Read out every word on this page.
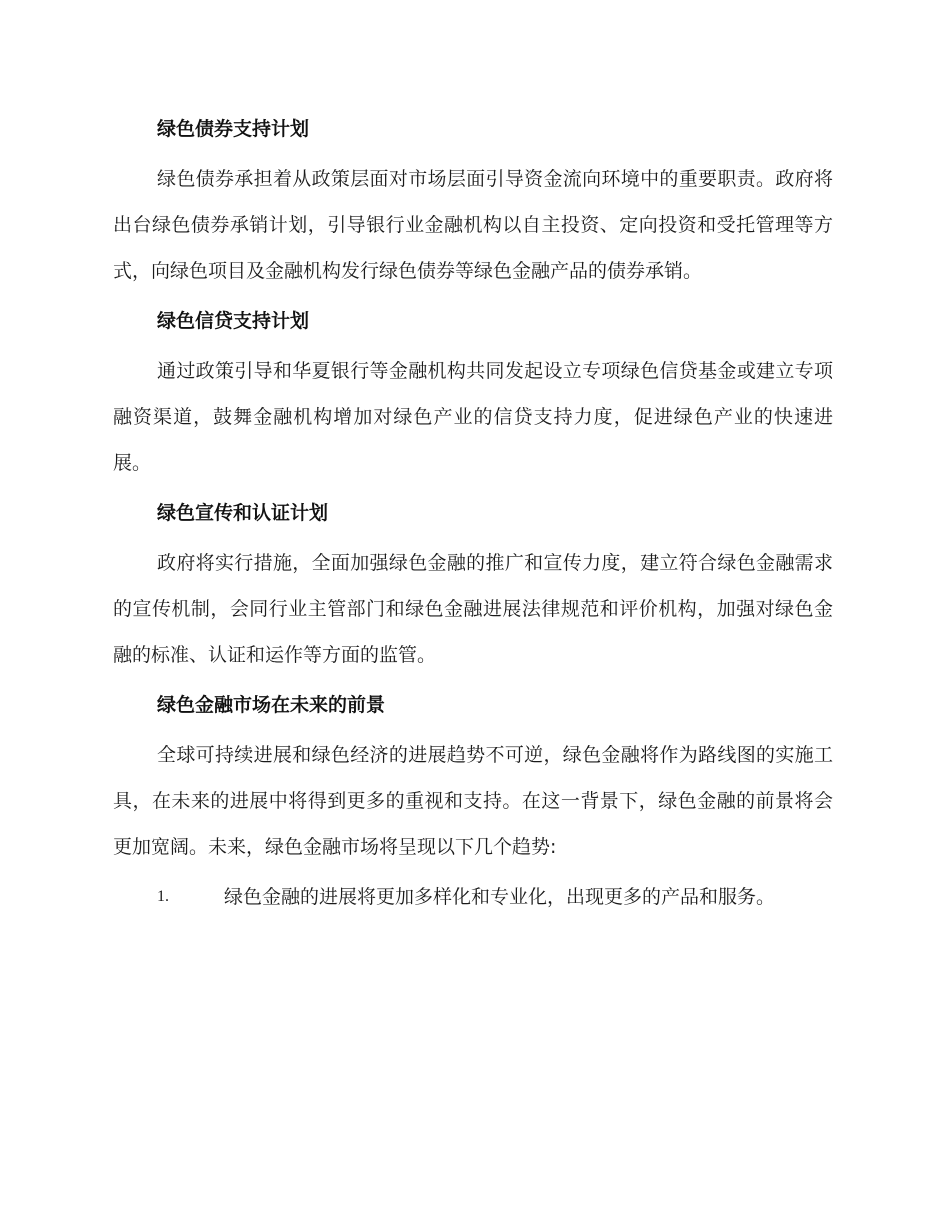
绿色债券支持计划

绿色债券承担着从政策层面对市场层面引导资金流向环境中的重要职责。政府将出台绿色债券承销计划，引导银行业金融机构以自主投资、定向投资和受托管理等方式，向绿色项目及金融机构发行绿色债券等绿色金融产品的债券承销。

绿色信贷支持计划

通过政策引导和华夏银行等金融机构共同发起设立专项绿色信贷基金或建立专项融资渠道，鼓舞金融机构增加对绿色产业的信贷支持力度，促进绿色产业的快速进展。

绿色宣传和认证计划

政府将实行措施，全面加强绿色金融的推广和宣传力度，建立符合绿色金融需求的宣传机制，会同行业主管部门和绿色金融进展法律规范和评价机构，加强对绿色金融的标准、认证和运作等方面的监管。

绿色金融市场在未来的前景

全球可持续进展和绿色经济的进展趋势不可逆，绿色金融将作为路线图的实施工具，在未来的进展中将得到更多的重视和支持。在这一背景下，绿色金融的前景将会更加宽阔。未来，绿色金融市场将呈现以下几个趋势:

1.	绿色金融的进展将更加多样化和专业化，出现更多的产品和服务。
